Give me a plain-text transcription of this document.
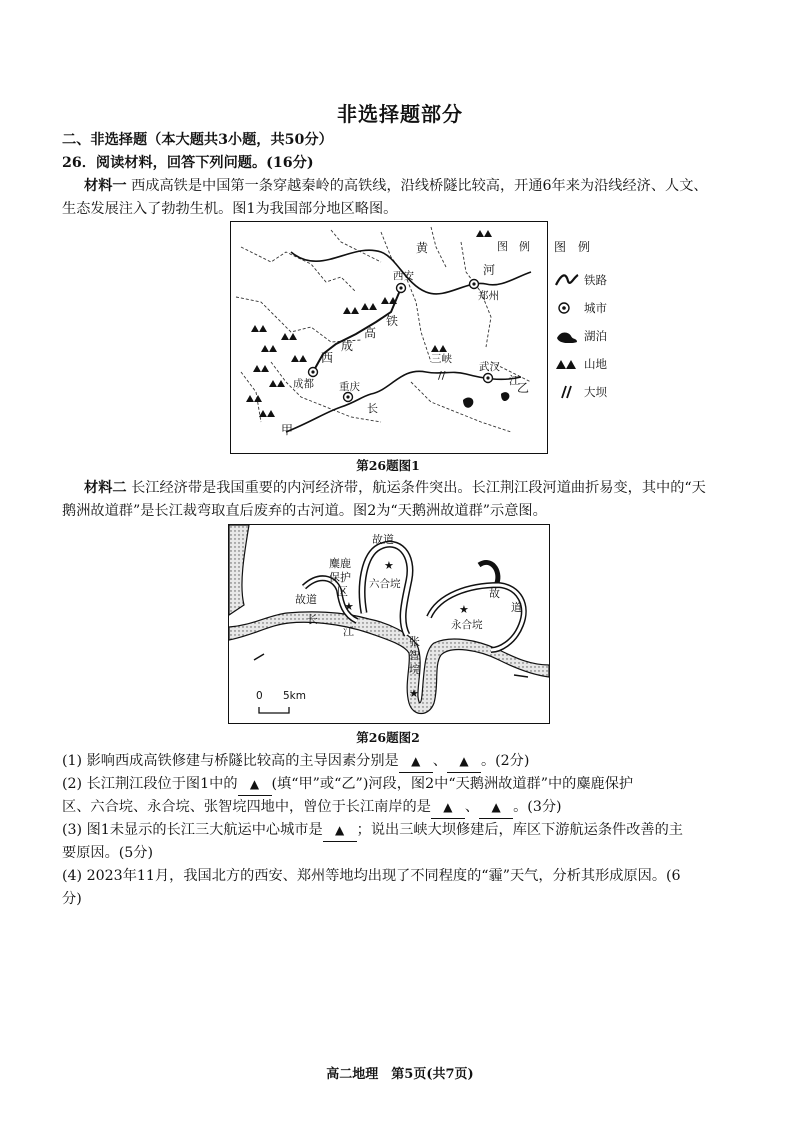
非选择题部分
二、非选择题（本大题共3小题，共50分）
26．阅读材料，回答下列问题。(16分)
材料一 西成高铁是中国第一条穿越秦岭的高铁线，沿线桥隧比较高，开通6年来为沿线经济、人文、
生态发展注入了勃勃生机。图1为我国部分地区略图。
//
西安
郑州
成都 重庆
武汉
黄
河
高
铁
成
西
甲
乙
三峡
长
江
图　例 图　例
铁路
城市
湖泊
山地
大坝
第26题图1
材料二 长江经济带是我国重要的内河经济带，航运条件突出。长江荆江段河道曲折易变，其中的“天
鹅洲故道群”是长江裁弯取直后废弃的古河道。图2为“天鹅洲故道群”示意图。
★
★	★
★
故道
麋鹿
保护
区
六合垸
故道
长
江
张
智
垸
永合垸
故
道
0 5km
第26题图2
(1) 影响西成高铁修建与桥隧比较高的主导因素分别是 ▲ 、 ▲ 。(2分)
(2) 长江荆江段位于图1中的 ▲ (填“甲”或“乙”)河段，图2中“天鹅洲故道群”中的麋鹿保护
区、六合垸、永合垸、张智垸四地中，曾位于长江南岸的是 ▲ 、 ▲ 。(3分)
(3) 图1未显示的长江三大航运中心城市是 ▲ ；说出三峡大坝修建后，库区下游航运条件改善的主
要原因。(5分)
(4) 2023年11月，我国北方的西安、郑州等地均出现了不同程度的“霾”天气，分析其形成原因。(6
分)
高二地理　第5页(共7页)
